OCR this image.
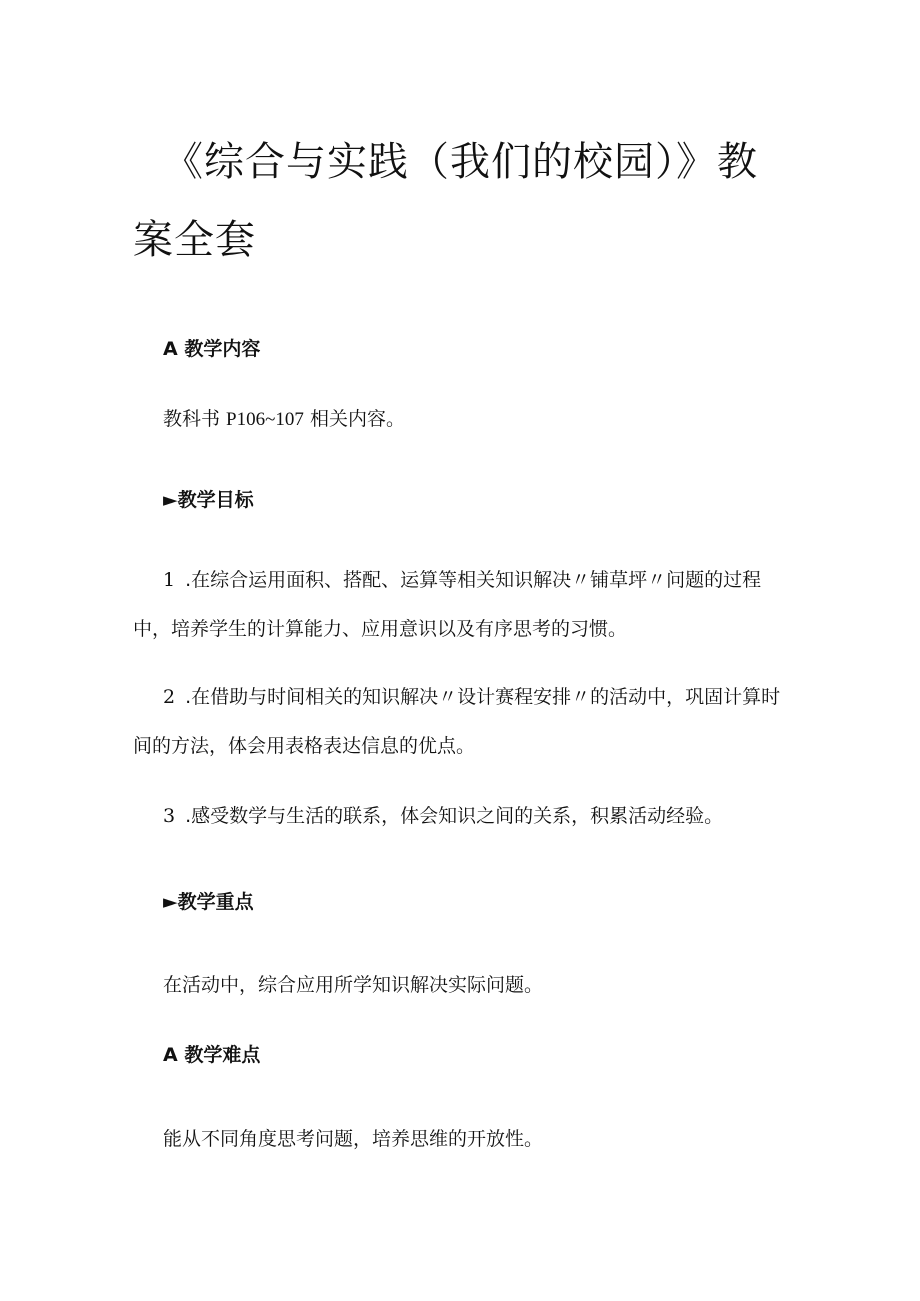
《综合与实践（我们的校园）》教案全套
A 教学内容

教科书 P106~107 相关内容。

►教学目标

1 .在综合运用面积、搭配、运算等相关知识解决〃铺草坪〃问题的过程中，培养学生的计算能力、应用意识以及有序思考的习惯。

2 .在借助与时间相关的知识解决〃设计赛程安排〃的活动中，巩固计算时间的方法，体会用表格表达信息的优点。

3 .感受数学与生活的联系，体会知识之间的关系，积累活动经验。

►教学重点

在活动中，综合应用所学知识解决实际问题。

A 教学难点

能从不同角度思考问题，培养思维的开放性。
